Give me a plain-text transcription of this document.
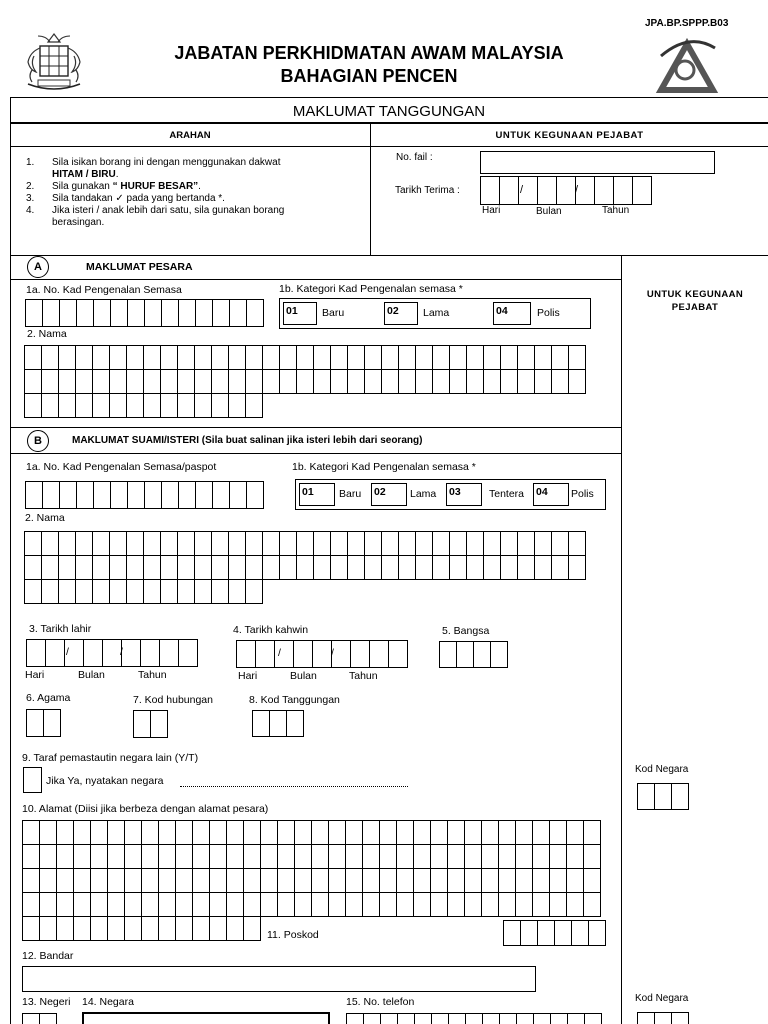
JPA.BP.SPPP.B03
JABATAN PERKHIDMATAN AWAM MALAYSIA
BAHAGIAN PENCEN
MAKLUMAT TANGGUNGAN
ARAHAN	UNTUK KEGUNAAN PEJABAT
1. Sila isikan borang ini dengan menggunakan dakwat
HITAM / BIRU.
2. Sila gunakan “ HURUF BESAR”.
3. Sila tandakan ✓ pada yang bertanda *.
4. Jika isteri / anak lebih dari satu, sila gunakan borang
berasingan.
No. fail :
Tarikh Terima :	/	/
Hari	Bulan	Tahun
UNTUK KEGUNAAN
PEJABAT
Kod Negara
Kod Negara
A	MAKLUMAT PESARA
1a. No. Kad Pengenalan Semasa	1b. Kategori Kad Pengenalan semasa *
01	Baru	02	Lama	04	Polis
2. Nama
B	MAKLUMAT SUAMI/ISTERI (Sila buat salinan jika isteri lebih dari seorang)
1a. No. Kad Pengenalan Semasa/paspot	1b. Kategori Kad Pengenalan semasa *
01	Baru 02	Lama 03	Tentera 04	Polis
2. Nama
3. Tarikh lahir
/	/
Hari	Bulan	Tahun
4. Tarikh kahwin
/	/
Hari	Bulan	Tahun
5. Bangsa
6. Agama	7. Kod hubungan	8. Kod Tanggungan
9. Taraf pemastautin negara lain (Y/T)
Jika Ya, nyatakan negara
10. Alamat (Diisi jika berbeza dengan alamat pesara)
11. Poskod
12. Bandar
13. Negeri 14. Negara	15. No. telefon
